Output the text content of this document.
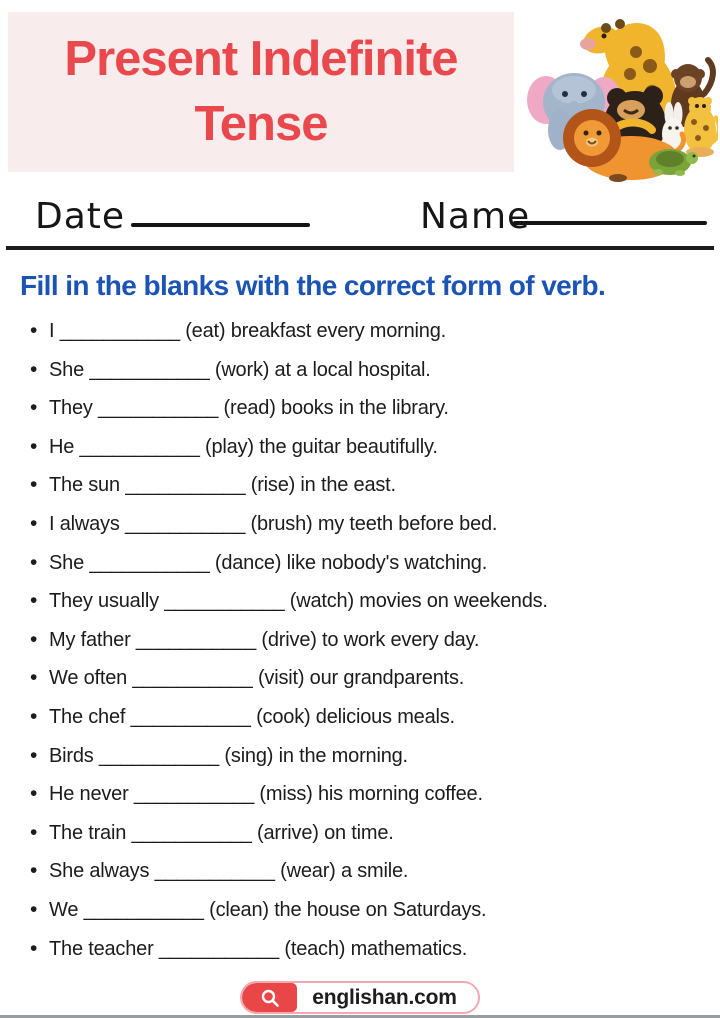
Present Indefinite
Tense
Date	Name
Fill in the blanks with the correct form of verb.
• I ___________ (eat) breakfast every morning.
• She ___________ (work) at a local hospital.
• They ___________ (read) books in the library.
• He ___________ (play) the guitar beautifully.
• The sun ___________ (rise) in the east.
• I always ___________ (brush) my teeth before bed.
• She ___________ (dance) like nobody's watching.
• They usually ___________ (watch) movies on weekends.
• My father ___________ (drive) to work every day.
• We often ___________ (visit) our grandparents.
• The chef ___________ (cook) delicious meals.
• Birds ___________ (sing) in the morning.
• He never ___________ (miss) his morning coffee.
• The train ___________ (arrive) on time.
• She always ___________ (wear) a smile.
• We ___________ (clean) the house on Saturdays.
• The teacher ___________ (teach) mathematics.
englishan.com
